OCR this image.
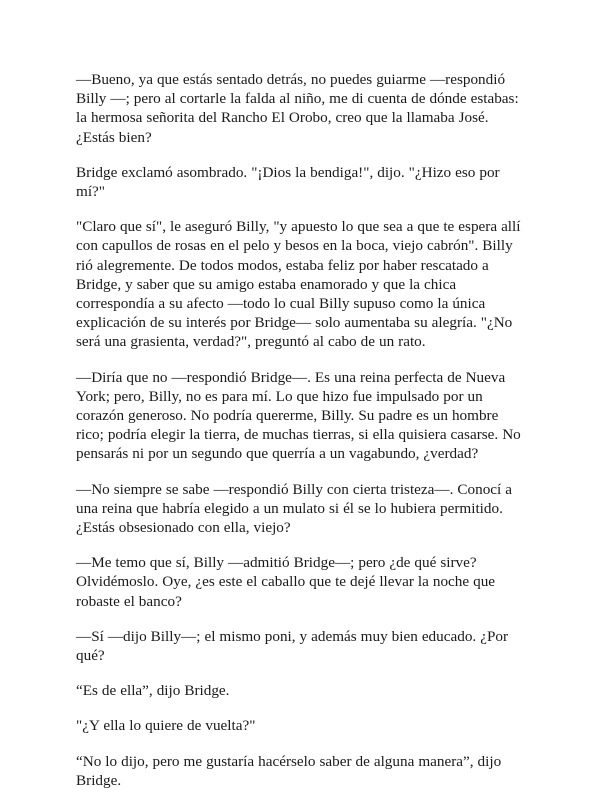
—Bueno, ya que estás sentado detrás, no puedes guiarme —respondió Billy —; pero al cortarle la falda al niño, me di cuenta de dónde estabas: la hermosa señorita del Rancho El Orobo, creo que la llamaba José. ¿Estás bien?

Bridge exclamó asombrado. "¡Dios la bendiga!", dijo. "¿Hizo eso por mí?"

"Claro que sí", le aseguró Billy, "y apuesto lo que sea a que te espera allí con capullos de rosas en el pelo y besos en la boca, viejo cabrón". Billy rió alegremente. De todos modos, estaba feliz por haber rescatado a Bridge, y saber que su amigo estaba enamorado y que la chica correspondía a su afecto —todo lo cual Billy supuso como la única explicación de su interés por Bridge— solo aumentaba su alegría. "¿No será una grasienta, verdad?", preguntó al cabo de un rato.

—Diría que no —respondió Bridge—. Es una reina perfecta de Nueva York; pero, Billy, no es para mí. Lo que hizo fue impulsado por un corazón generoso. No podría quererme, Billy. Su padre es un hombre rico; podría elegir la tierra, de muchas tierras, si ella quisiera casarse. No pensarás ni por un segundo que querría a un vagabundo, ¿verdad?

—No siempre se sabe —respondió Billy con cierta tristeza—. Conocí a una reina que habría elegido a un mulato si él se lo hubiera permitido. ¿Estás obsesionado con ella, viejo?

—Me temo que sí, Billy —admitió Bridge—; pero ¿de qué sirve? Olvidémoslo. Oye, ¿es este el caballo que te dejé llevar la noche que robaste el banco?

—Sí —dijo Billy—; el mismo poni, y además muy bien educado. ¿Por qué?

“Es de ella”, dijo Bridge.

"¿Y ella lo quiere de vuelta?"

“No lo dijo, pero me gustaría hacérselo saber de alguna manera”, dijo Bridge.
